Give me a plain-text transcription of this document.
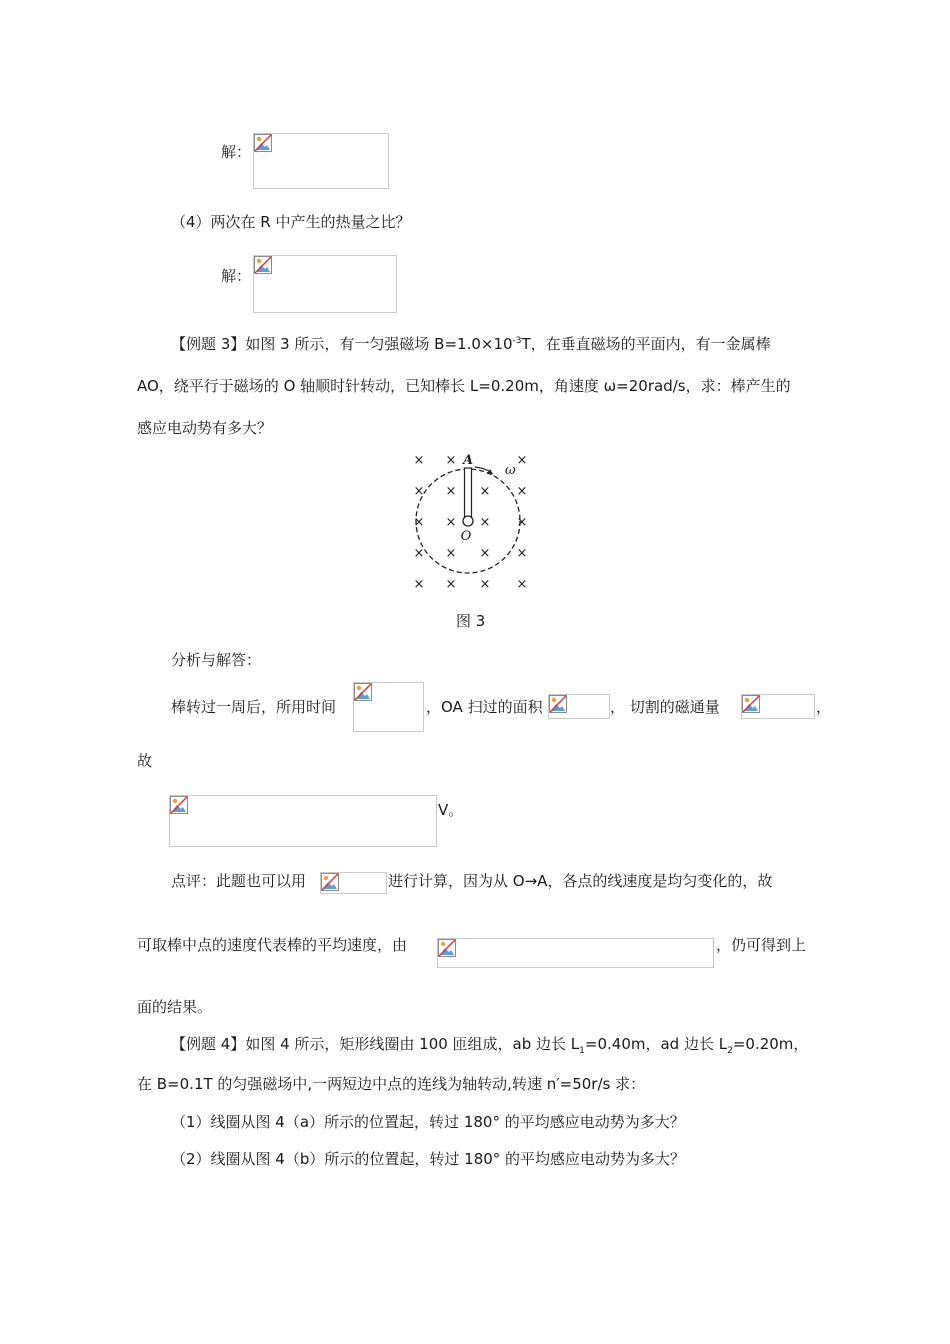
解：
（4）两次在 R 中产生的热量之比？
解：
【例题 3】如图 3 所示，有一匀强磁场 $B=1.0\times 10^{-3}T$，在垂直磁场的平面内，有一金属棒
AO，绕平行于磁场的 O 轴顺时针转动，已知棒长 L=0.20m，角速度 ω=20rad/s，求：棒产生的
感应电动势有多大？
× ×	×
× × × ×
× × × ×
× × × ×
× × × ×
A
O
ω
图 3
分析与解答：
棒转过一周后，所用时间	，OA 扫过的面积	， 切割的磁通量	，
故
V。
点评：此题也可以用	进行计算，因为从 O→A，各点的线速度是均匀变化的，故
可取棒中点的速度代表棒的平均速度，由	，仍可得到上
面的结果。
【例题 4】如图 4 所示，矩形线圈由 100 匝组成，ab 边长 $L_1=0.40m$，ad 边长 $L_2=0.20m$，
在 B=0.1T 的匀强磁场中,一两短边中点的连线为轴转动,转速 n′=50r/s 求：
（1）线圈从图 4（a）所示的位置起，转过 180° 的平均感应电动势为多大？
（2）线圈从图 4（b）所示的位置起，转过 180° 的平均感应电动势为多大？
